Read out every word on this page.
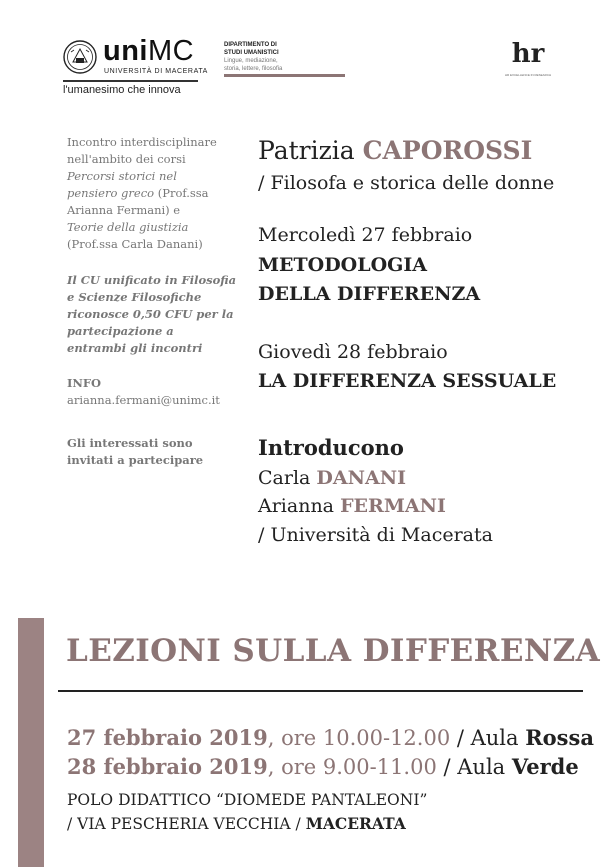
uniMC
UNIVERSITÀ DI MACERATA
l'umanesimo che innova
DIPARTIMENTO DI
STUDI UMANISTICI
Lingue, mediazione,
storia, lettere, filosofia	hr
HR EXCELLENCE IN RESEARCH
Incontro interdisciplinare
nell'ambito dei corsi
Percorsi storici nel
pensiero greco (Prof.ssa
Arianna Fermani) e
Teorie della giustizia
(Prof.ssa Carla Danani)
Il CU unificato in Filosofia
e Scienze Filosofiche
riconosce 0,50 CFU per la
partecipazione a
entrambi gli incontri
INFO
arianna.fermani@unimc.it
Gli interessati sono
invitati a partecipare
Patrizia CAPOROSSI
/ Filosofa e storica delle donne
Mercoledì 27 febbraio
METODOLOGIA
DELLA DIFFERENZA
Giovedì 28 febbraio
LA DIFFERENZA SESSUALE
Introducono
Carla DANANI
Arianna FERMANI
/ Università di Macerata
LEZIONI SULLA DIFFERENZA
27 febbraio 2019, ore 10.00-12.00 / Aula Rossa
28 febbraio 2019, ore 9.00-11.00 / Aula Verde
POLO DIDATTICO “DIOMEDE PANTALEONI”
/ VIA PESCHERIA VECCHIA / MACERATA
